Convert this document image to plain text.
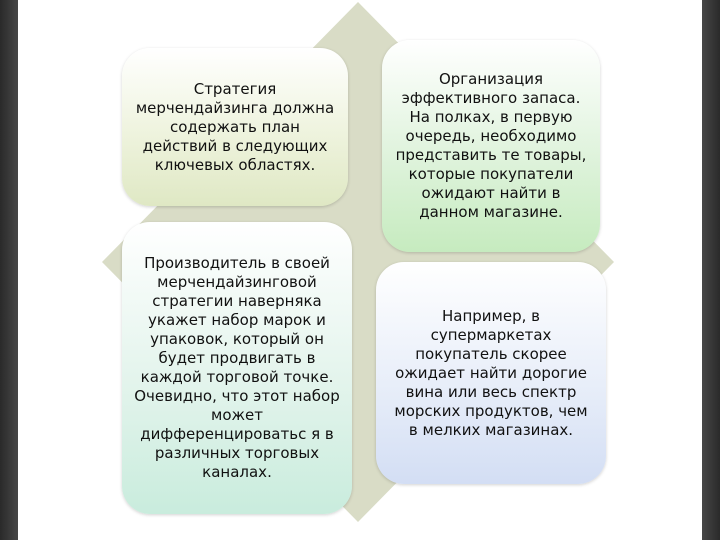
Стратегия мерчендайзинга должна содержать план действий в следующих ключевых областях.
Организация эффективного запаса. На полках, в первую очередь, необходимо представить те товары, которые покупатели ожидают найти в данном магазине.
Производитель в своей мерчендайзинговой стратегии наверняка укажет набор марок и упаковок, который он будет продвигать в каждой торговой точке. Очевидно, что этот набор может дифференцироватьс я в различных торговых каналах.
Например, в супермаркетах покупатель скорее ожидает найти дорогие вина или весь спектр морских продуктов, чем в мелких магазинах.
